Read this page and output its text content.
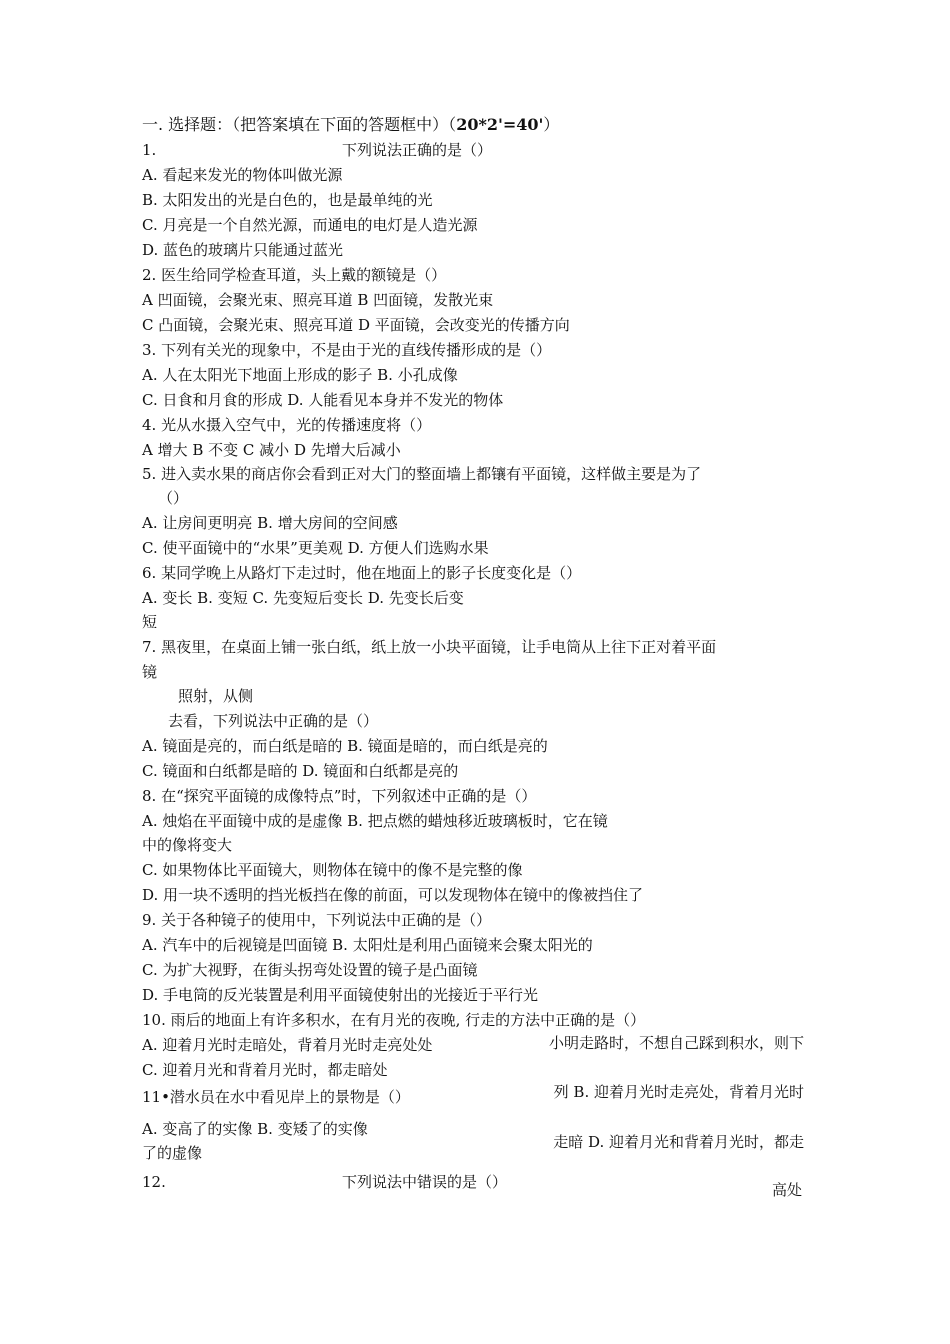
一. 选择题：（把答案填在下面的答题框中）（20*2'=40'）
1.	下列说法正确的是（）
A. 看起来发光的物体叫做光源
B. 太阳发出的光是白色的，也是最单纯的光
C. 月亮是一个自然光源，而通电的电灯是人造光源
D. 蓝色的玻璃片只能通过蓝光
2. 医生给同学检查耳道，头上戴的额镜是（）
A 凹面镜，会聚光束、照亮耳道 B 凹面镜，发散光束
C 凸面镜，会聚光束、照亮耳道 D 平面镜，会改变光的传播方向
3. 下列有关光的现象中，不是由于光的直线传播形成的是（）
A. 人在太阳光下地面上形成的影子 B. 小孔成像
C. 日食和月食的形成 D. 人能看见本身并不发光的物体
4. 光从水摄入空气中，光的传播速度将（）
A 增大 B 不变 C 减小 D 先增大后减小
5. 进入卖水果的商店你会看到正对大门的整面墙上都镶有平面镜，这样做主要是为了
（）
A. 让房间更明亮 B. 增大房间的空间感
C. 使平面镜中的“水果”更美观 D. 方便人们选购水果
6. 某同学晚上从路灯下走过时，他在地面上的影子长度变化是（）
A. 变长 B. 变短 C. 先变短后变长 D. 先变长后变
短
7. 黑夜里，在桌面上铺一张白纸，纸上放一小块平面镜，让手电筒从上往下正对着平面
镜
照射，从侧
去看，下列说法中正确的是（）
A. 镜面是亮的，而白纸是暗的 B. 镜面是暗的，而白纸是亮的
C. 镜面和白纸都是暗的 D. 镜面和白纸都是亮的
8. 在“探究平面镜的成像特点”时，下列叙述中正确的是（）
A. 烛焰在平面镜中成的是虚像 B. 把点燃的蜡烛移近玻璃板时，它在镜
中的像将变大
C. 如果物体比平面镜大，则物体在镜中的像不是完整的像
D. 用一块不透明的挡光板挡在像的前面，可以发现物体在镜中的像被挡住了
9. 关于各种镜子的使用中，下列说法中正确的是（）
A. 汽车中的后视镜是凹面镜 B. 太阳灶是利用凸面镜来会聚太阳光的
C. 为扩大视野，在街头拐弯处设置的镜子是凸面镜
D. 手电筒的反光装置是利用平面镜使射出的光接近于平行光
10. 雨后的地面上有许多积水，在有月光的夜晚, 行走的方法中正确的是（）
A. 迎着月光时走暗处，背着月光时走亮处处	小明走路时，不想自己踩到积水，则下
C. 迎着月光和背着月光时，都走暗处
列 B. 迎着月光时走亮处，背着月光时
11•潜水员在水中看见岸上的景物是（）
A. 变高了的实像 B. 变矮了的实像
走暗 D. 迎着月光和背着月光时，都走
了的虚像
12.	下列说法中错误的是（）	高处
